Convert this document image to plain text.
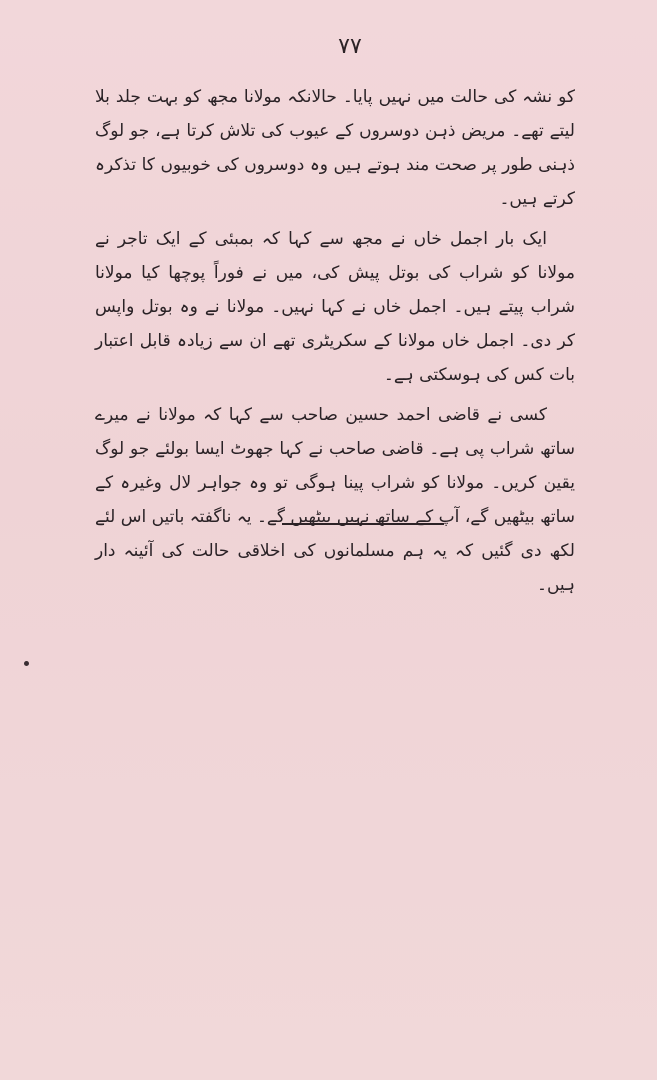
۷۷

کو نشہ کی حالت میں نہیں پایا۔ حالانکہ مولانا مجھ کو بہت جلد بلا لیتے تھے۔ مریض ذہن دوسروں کے عیوب کی تلاش کرتا ہے، جو لوگ ذہنی طور پر صحت مند ہوتے ہیں وہ دوسروں کی خوبیوں کا تذکرہ کرتے ہیں۔

ایک بار اجمل خاں نے مجھ سے کہا کہ بمبئی کے ایک تاجر نے مولانا کو شراب کی بوتل پیش کی، میں نے فوراً پوچھا کیا مولانا شراب پیتے ہیں۔ اجمل خاں نے کہا نہیں۔ مولانا نے وہ بوتل واپس کر دی۔ اجمل خاں مولانا کے سکریٹری تھے ان سے زیادہ قابل اعتبار بات کس کی ہوسکتی ہے۔

کسی نے قاضی احمد حسین صاحب سے کہا کہ مولانا نے میرے ساتھ شراب پی ہے۔ قاضی صاحب نے کہا جھوٹ ایسا بولئے جو لوگ یقین کریں۔ مولانا کو شراب پینا ہوگی تو وہ جواہر لال وغیرہ کے ساتھ بیٹھیں گے، آپ کے ساتھ نہیں بیٹھیں گے۔ یہ ناگفتہ باتیں اس لئے لکھ دی گئیں کہ یہ ہم مسلمانوں کی اخلاقی حالت کی آئینہ دار ہیں۔
